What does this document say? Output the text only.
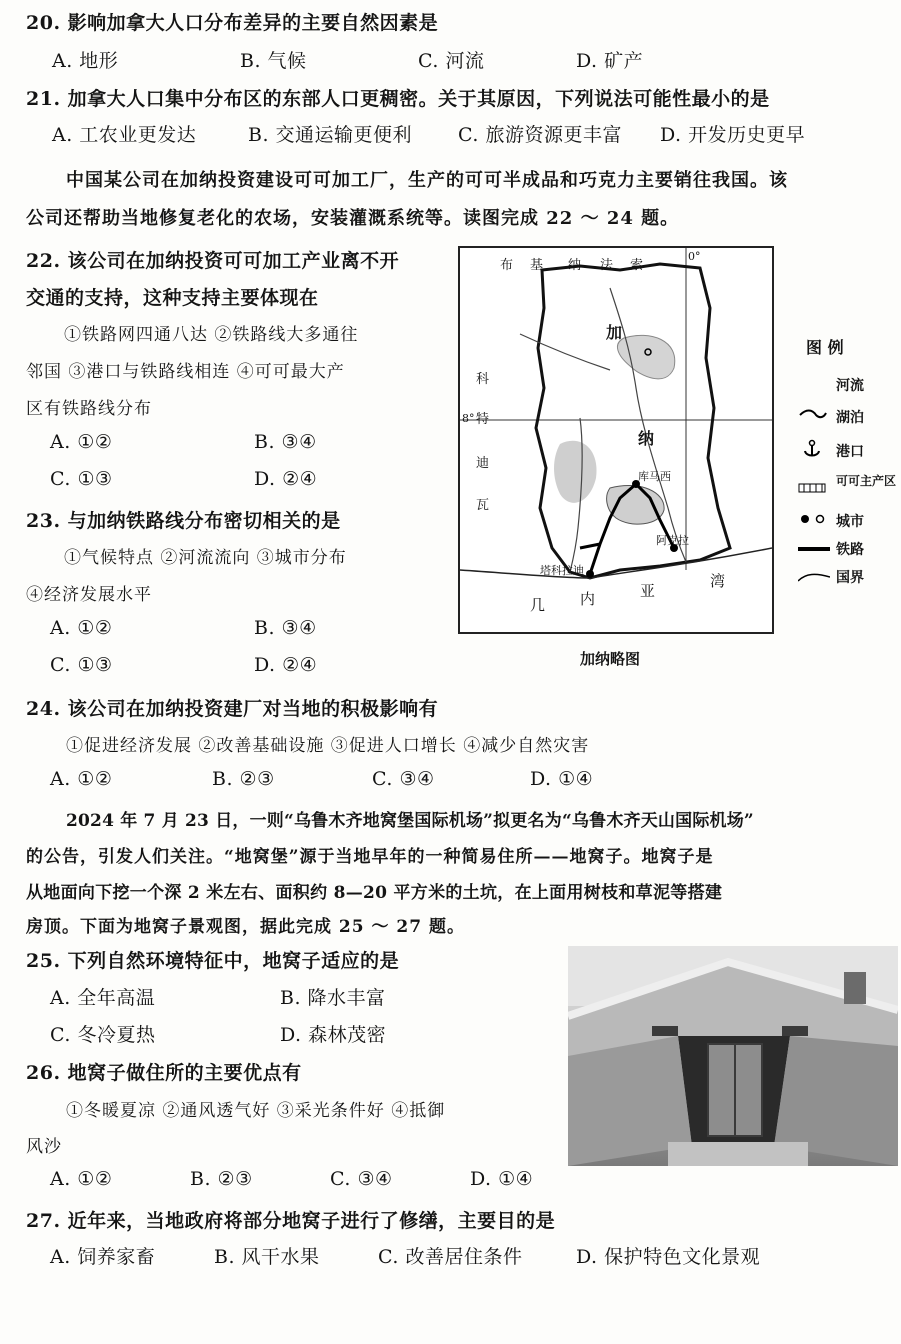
20. 影响加拿大人口分布差异的主要自然因素是
A. 地形	B. 气候	C. 河流	D. 矿产
21. 加拿大人口集中分布区的东部人口更稠密。关于其原因，下列说法可能性最小的是
A. 工农业更发达	B. 交通运输更便利 C. 旅游资源更丰富 D. 开发历史更早
中国某公司在加纳投资建设可可加工厂，生产的可可半成品和巧克力主要销往我国。该
公司还帮助当地修复老化的农场，安装灌溉系统等。读图完成 22 ～ 24 题。
22. 该公司在加纳投资可可加工产业离不开
交通的支持，这种支持主要体现在
①铁路网四通八达 ②铁路线大多通往
邻国 ③港口与铁路线相连 ④可可最大产
区有铁路线分布
A. ①②	B. ③④
C. ①③	D. ②④
23. 与加纳铁路线分布密切相关的是
①气候特点 ②河流流向 ③城市分布
④经济发展水平
A. ①②	B. ③④
C. ①③	D. ②④
布 基 纳 法 索
加
纳
科
特
迪
瓦
库马西
阿克拉
塔科拉迪
几 内	亚
湾
8°
0°
加纳略图
图 例
河流
湖泊
港口
可可主产区
城市
铁路
国界
24. 该公司在加纳投资建厂对当地的积极影响有
①促进经济发展 ②改善基础设施 ③促进人口增长 ④减少自然灾害
A. ①②	B. ②③	C. ③④	D. ①④
2024 年 7 月 23 日，一则“乌鲁木齐地窝堡国际机场”拟更名为“乌鲁木齐天山国际机场”
的公告，引发人们关注。“地窝堡”源于当地早年的一种简易住所——地窝子。地窝子是
从地面向下挖一个深 2 米左右、面积约 8—20 平方米的土坑，在上面用树枝和草泥等搭建
房顶。下面为地窝子景观图，据此完成 25 ～ 27 题。
25. 下列自然环境特征中，地窝子适应的是
A. 全年高温	B. 降水丰富
C. 冬冷夏热	D. 森林茂密
26. 地窝子做住所的主要优点有
①冬暖夏凉 ②通风透气好 ③采光条件好 ④抵御
风沙
A. ①②	B. ②③	C. ③④	D. ①④
27. 近年来，当地政府将部分地窝子进行了修缮，主要目的是
A. 饲养家畜	B. 风干水果	C. 改善居住条件	D. 保护特色文化景观
